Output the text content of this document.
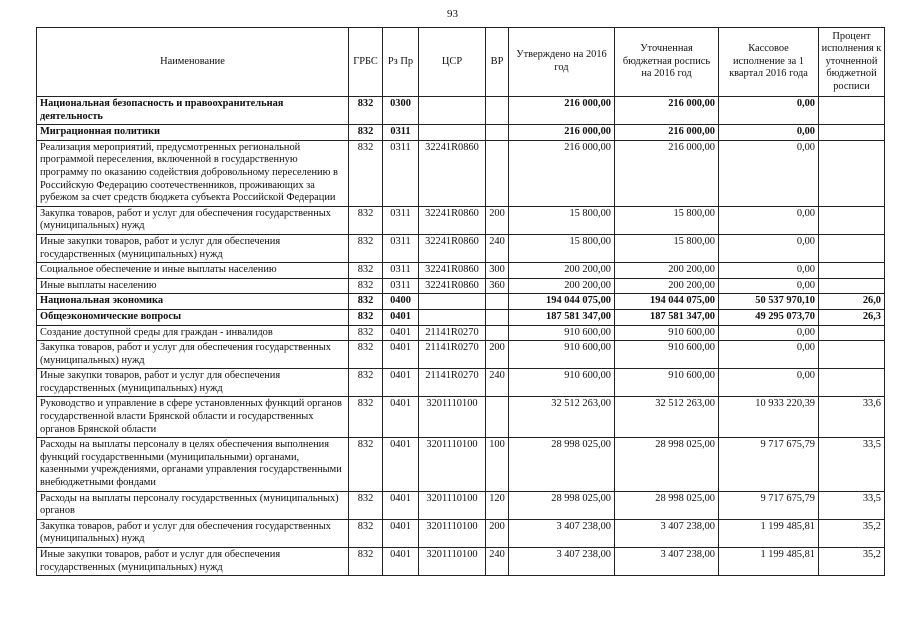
93
Наименование	ГРБС	Рз Пр	ЦСР	ВР	Утверждено на 2016 год	Уточненная бюджетная роспись на 2016 год	Кассовое исполнение за 1 квартал 2016 года	Процент исполнения к уточненной бюджетной росписи
Национальная безопасность и правоохранительная деятельность	832	0300			216 000,00	216 000,00	0,00	
Миграционная политики	832	0311			216 000,00	216 000,00	0,00	
Реализация мероприятий, предусмотренных региональной программой переселения, включенной в государственную программу по оказанию содействия добровольному переселению в Российскую Федерацию соотечественников, проживающих за рубежом за счет средств бюджета субъекта Российской Федерации	832	0311	32241R0860		216 000,00	216 000,00	0,00	
Закупка товаров, работ и услуг для обеспечения государственных (муниципальных) нужд	832	0311	32241R0860	200	15 800,00	15 800,00	0,00	
Иные закупки товаров, работ и услуг для обеспечения государственных (муниципальных) нужд	832	0311	32241R0860	240	15 800,00	15 800,00	0,00	
Социальное обеспечение и иные выплаты населению	832	0311	32241R0860	300	200 200,00	200 200,00	0,00	
Иные выплаты населению	832	0311	32241R0860	360	200 200,00	200 200,00	0,00	
Национальная экономика	832	0400			194 044 075,00	194 044 075,00	50 537 970,10	26,0
Общеэкономические вопросы	832	0401			187 581 347,00	187 581 347,00	49 295 073,70	26,3
Создание доступной среды для граждан - инвалидов	832	0401	21141R0270		910 600,00	910 600,00	0,00	
Закупка товаров, работ и услуг для обеспечения государственных (муниципальных) нужд	832	0401	21141R0270	200	910 600,00	910 600,00	0,00	
Иные закупки товаров, работ и услуг для обеспечения государственных (муниципальных) нужд	832	0401	21141R0270	240	910 600,00	910 600,00	0,00	
Руководство и управление в сфере установленных функций органов государственной власти Брянской области и государственных органов Брянской области	832	0401	3201110100		32 512 263,00	32 512 263,00	10 933 220,39	33,6
Расходы на выплаты персоналу в целях обеспечения выполнения функций государственными (муниципальными) органами, казенными учреждениями, органами управления государственными внебюджетными фондами	832	0401	3201110100	100	28 998 025,00	28 998 025,00	9 717 675,79	33,5
Расходы на выплаты персоналу государственных (муниципальных) органов	832	0401	3201110100	120	28 998 025,00	28 998 025,00	9 717 675,79	33,5
Закупка товаров, работ и услуг для обеспечения государственных (муниципальных) нужд	832	0401	3201110100	200	3 407 238,00	3 407 238,00	1 199 485,81	35,2
Иные закупки товаров, работ и услуг для обеспечения государственных (муниципальных) нужд	832	0401	3201110100	240	3 407 238,00	3 407 238,00	1 199 485,81	35,2
